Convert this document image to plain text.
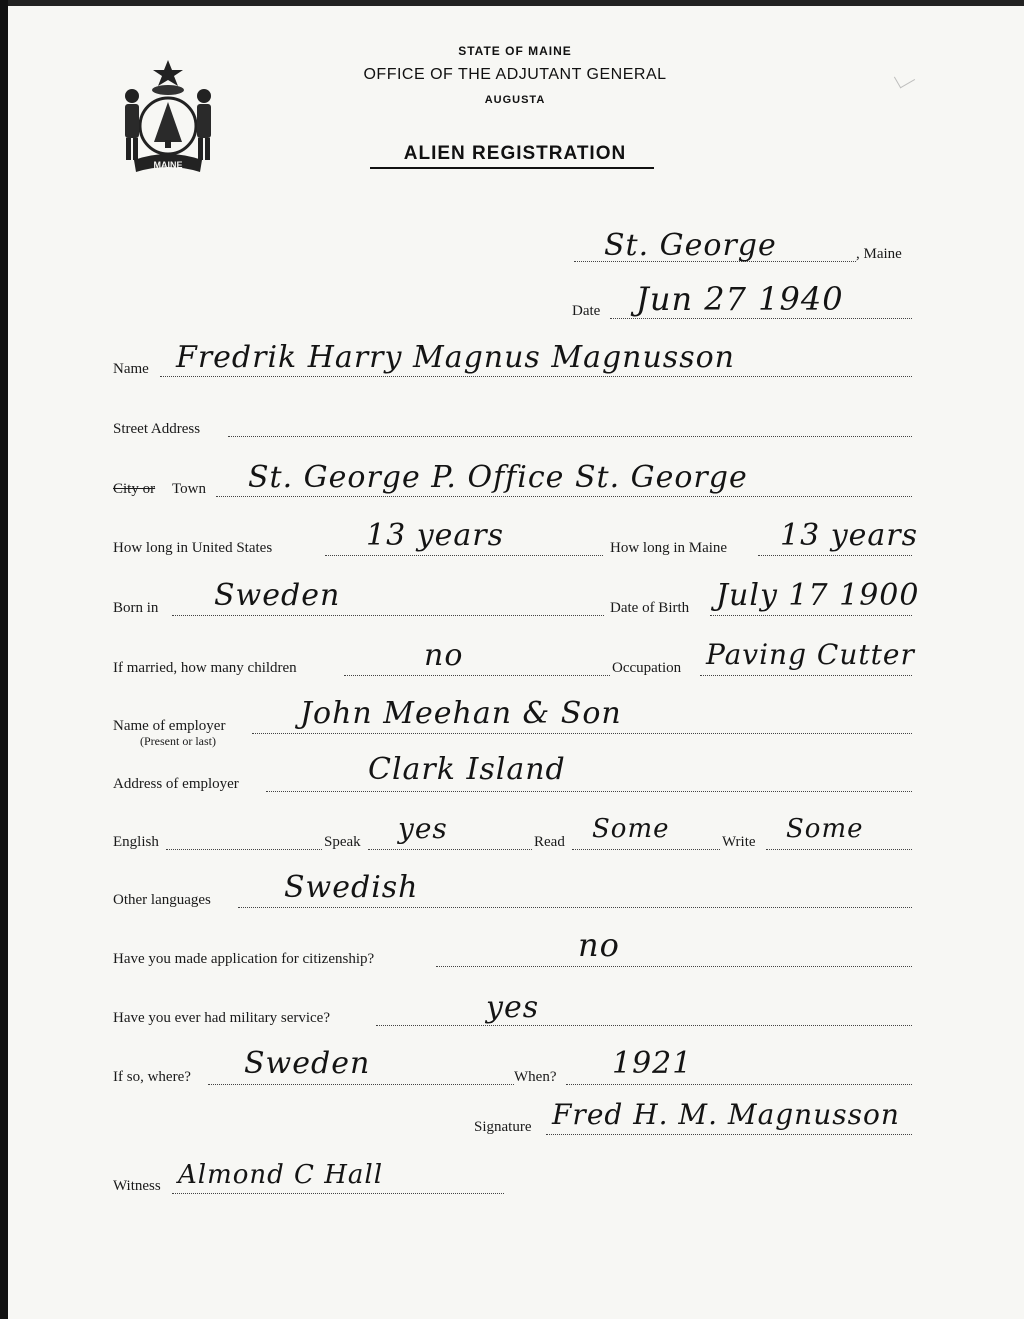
MAINE
STATE OF MAINE
OFFICE OF THE ADJUTANT GENERAL
AUGUSTA
ALIEN REGISTRATION
St. George	, Maine
Date Jun 27 1940
Name Fredrik Harry Magnus Magnusson
Street Address
City or Town St. George P. Office St. George
How long in United States	13 years	How long in Maine 13 years
Born in Sweden	Date of Birth July 17 1900
If married, how many children	no	Occupation Paving Cutter
Name of employer
(Present or last)
John Meehan & Son
Address of employer	Clark Island
English	Speak yes	Read Some	Write Some
Other languages Swedish
Have you made application for citizenship?	no
Have you ever had military service?	yes
If so, where? Sweden	When? 1921
Signature Fred H. M. Magnusson
Witness Almond C Hall
